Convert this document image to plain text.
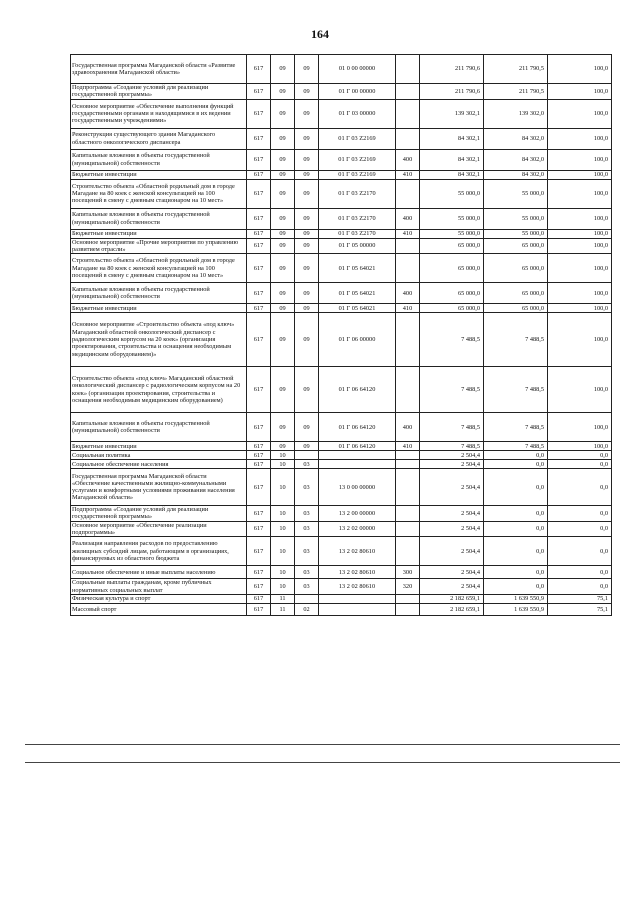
164
Государственная программа Магаданской области «Развитие здравоохранения Магаданской области»	617	09	09	01 0 00 00000		211 790,6	211 790,5	100,0
Подпрограмма «Создание условий для реализации государственной программы»	617	09	09	01 Г 00 00000		211 790,6	211 790,5	100,0
Основное мероприятие «Обеспечение выполнения функций государственными органами и находящимися в их ведении государственными учреждениями»	617	09	09	01 Г 03 00000		139 302,1	139 302,0	100,0
Реконструкция существующего здания Магаданского областного онкологического диспансера	617	09	09	01 Г 03 Z2169		84 302,1	84 302,0	100,0
Капитальные вложения в объекты государственной (муниципальной) собственности	617	09	09	01 Г 03 Z2169	400	84 302,1	84 302,0	100,0
Бюджетные инвестиции	617	09	09	01 Г 03 Z2169	410	84 302,1	84 302,0	100,0
Строительство объекта «Областной родильный дом в городе Магадане на 80 коек с женской консультацией на 100 посещений в смену с дневным стационаром на 10 мест»	617	09	09	01 Г 03 Z2170		55 000,0	55 000,0	100,0
Капитальные вложения в объекты государственной (муниципальной) собственности	617	09	09	01 Г 03 Z2170	400	55 000,0	55 000,0	100,0
Бюджетные инвестиции	617	09	09	01 Г 03 Z2170	410	55 000,0	55 000,0	100,0
Основное мероприятие «Прочие мероприятия по управлению развитием отрасли»	617	09	09	01 Г 05 00000		65 000,0	65 000,0	100,0
Строительство объекта «Областной родильный дом в городе Магадане на 80 коек с женской консультацией на 100 посещений в смену с дневным стационаром на 10 мест»	617	09	09	01 Г 05 64021		65 000,0	65 000,0	100,0
Капитальные вложения в объекты государственной (муниципальной) собственности	617	09	09	01 Г 05 64021	400	65 000,0	65 000,0	100,0
Бюджетные инвестиции	617	09	09	01 Г 05 64021	410	65 000,0	65 000,0	100,0
Основное мероприятие «Строительство объекта «под ключ» Магаданский областной онкологический диспансер с радиологическим корпусом на 20 коек» (организация проектирования, строительства и оснащения необходимым медицинским оборудованием)»	617	09	09	01 Г 06 00000		7 488,5	7 488,5	100,0
Строительство объекта «под ключ» Магаданский областной онкологический диспансер с радиологическим корпусом на 20 коек» (организация проектирования, строительства и оснащения необходимым медицинским оборудованием)	617	09	09	01 Г 06 64120		7 488,5	7 488,5	100,0
Капитальные вложения в объекты государственной (муниципальной) собственности	617	09	09	01 Г 06 64120	400	7 488,5	7 488,5	100,0
Бюджетные инвестиции	617	09	09	01 Г 06 64120	410	7 488,5	7 488,5	100,0
Социальная политика	617	10				2 504,4	0,0	0,0
Социальное обеспечение населения	617	10	03			2 504,4	0,0	0,0
Государственная программа Магаданской области «Обеспечение качественными жилищно-коммунальными услугами и комфортными условиями проживания населения Магаданской области»	617	10	03	13 0 00 00000		2 504,4	0,0	0,0
Подпрограмма «Создание условий для реализации государственной программы»	617	10	03	13 2 00 00000		2 504,4	0,0	0,0
Основное мероприятие «Обеспечение реализации подпрограммы»	617	10	03	13 2 02 00000		2 504,4	0,0	0,0
Реализация направления расходов по предоставлению жилищных субсидий лицам, работающим в организациях, финансируемых из областного бюджета	617	10	03	13 2 02 80610		2 504,4	0,0	0,0
Социальное обеспечение и иные выплаты населению	617	10	03	13 2 02 80610	300	2 504,4	0,0	0,0
Социальные выплаты гражданам, кроме публичных нормативных социальных выплат	617	10	03	13 2 02 80610	320	2 504,4	0,0	0,0
Физическая культура и спорт	617	11				2 182 659,1	1 639 550,9	75,1
Массовый спорт	617	11	02			2 182 659,1	1 639 550,9	75,1
